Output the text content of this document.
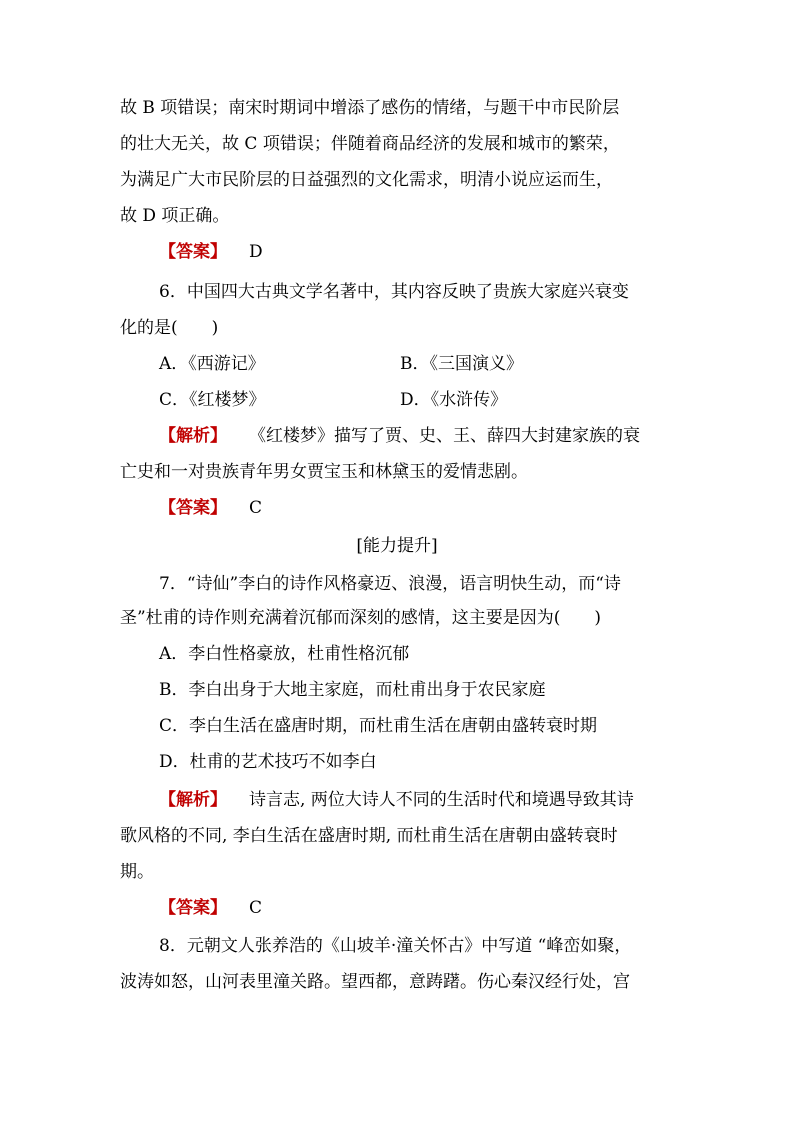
故 B 项错误；南宋时期词中增添了感伤的情绪，与题干中市民阶层
的壮大无关，故 C 项错误；伴随着商品经济的发展和城市的繁荣，
为满足广大市民阶层的日益强烈的文化需求，明清小说应运而生，
故 D 项正确。
【答案】 D
6．中国四大古典文学名著中，其内容反映了贵族大家庭兴衰变
化的是(　　)
A．《西游记》	B．《三国演义》
C．《红楼梦》	D．《水浒传》
【解析】 《红楼梦》描写了贾、史、王、薛四大封建家族的衰
亡史和一对贵族青年男女贾宝玉和林黛玉的爱情悲剧。
【答案】 C
[能力提升]
7．“诗仙”李白的诗作风格豪迈、浪漫，语言明快生动，而“诗
圣”杜甫的诗作则充满着沉郁而深刻的感情，这主要是因为(　　)
A．李白性格豪放，杜甫性格沉郁
B．李白出身于大地主家庭，而杜甫出身于农民家庭
C．李白生活在盛唐时期，而杜甫生活在唐朝由盛转衰时期
D．杜甫的艺术技巧不如李白
【解析】 诗言志, 两位大诗人不同的生活时代和境遇导致其诗
歌风格的不同, 李白生活在盛唐时期, 而杜甫生活在唐朝由盛转衰时
期。
【答案】 C
8．元朝文人张养浩的《山坡羊·潼关怀古》中写道 “峰峦如聚，
波涛如怒，山河表里潼关路。望西都，意踌躇。伤心秦汉经行处，宫
